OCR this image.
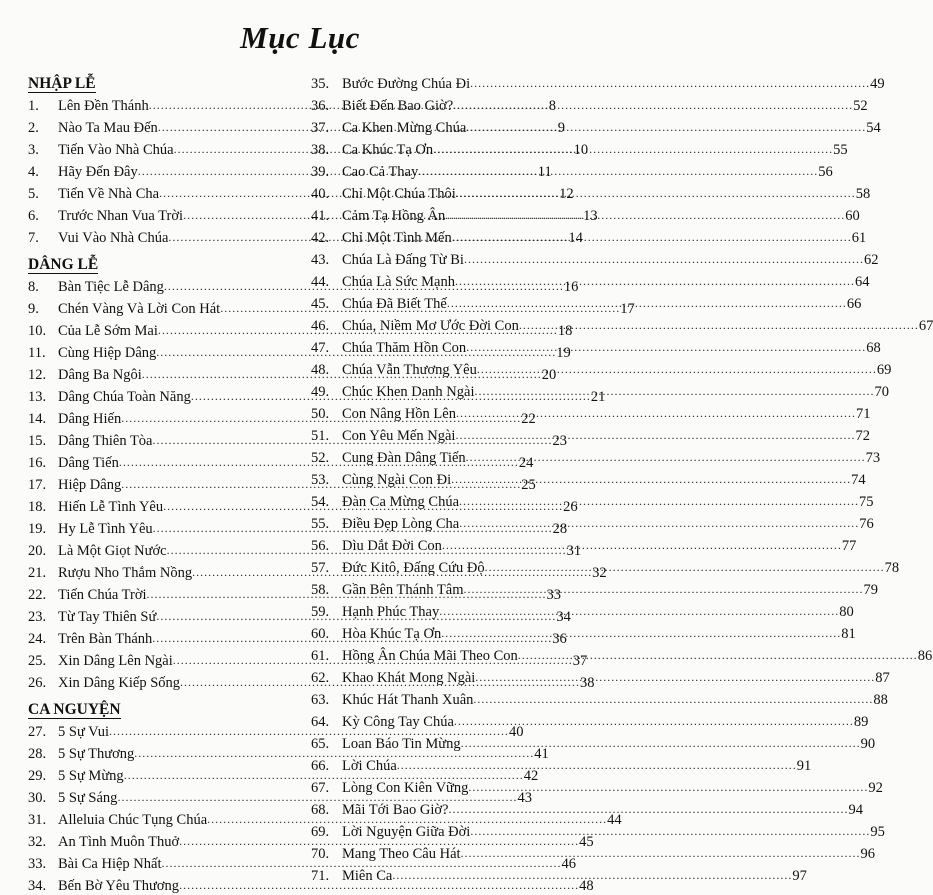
Mục Lục
NHẬP LỄ
1.	Lên Đền Thánh .....	8
2.	Nào Ta Mau Đến .....	9
3.	Tiến Vào Nhà Chúa .....	10
4.	Hãy Đến Đây .....	11
5.	Tiến Về Nhà Cha .....	12
6.	Trước Nhan Vua Trời .....	13
7.	Vui Vào Nhà Chúa .....	14
DÂNG LỄ
8.	Bàn Tiệc Lễ Dâng .....	16
9.	Chén Vàng Và Lời Con Hát .....	17
10. Của Lễ Sớm Mai .....	18
11. Cùng Hiệp Dâng .....	19
12. Dâng Ba Ngôi .....	20
13. Dâng Chúa Toàn Năng .....	21
14. Dâng Hiến .....	22
15. Dâng Thiên Tòa .....	23
16. Dâng Tiến .....	24
17. Hiệp Dâng .....	25
18. Hiến Lễ Tình Yêu .....	26
19. Hy Lễ Tình Yêu .....	28
20. Là Một Giọt Nước .....	31
21. Rượu Nho Thắm Nồng .....	32
22. Tiến Chúa Trời .....	33
23. Từ Tay Thiên Sứ .....	34
24. Trên Bàn Thánh .....	36
25. Xin Dâng Lên Ngài .....	37
26. Xin Dâng Kiếp Sống .....	38
CA NGUYỆN
27. 5 Sự Vui .....	40
28. 5 Sự Thương .....	41
29. 5 Sự Mừng .....	42
30. 5 Sự Sáng .....	43
31. Alleluia Chúc Tụng Chúa .....	44
32. An Tình Muôn Thuở .....	45
33. Bài Ca Hiệp Nhất .....	46
34. Bến Bờ Yêu Thương .....	48
35. Bước Đường Chúa Đi .....	49
36. Biết Đến Bao Giờ? .....	52
37. Ca Khen Mừng Chúa .....	54
38. Ca Khúc Tạ Ơn .....	55
39. Cao Cả Thay .....	56
40. Chỉ Một Chúa Thôi .....	58
41. Cảm Tạ Hồng Ân .....	60
42. Chỉ Một Tình Mến .....	61
43. Chúa Là Đấng Từ Bi .....	62
44. Chúa Là Sức Mạnh .....	64
45. Chúa Đã Biết Thế .....	66
46. Chúa, Niềm Mơ Ước Đời Con .....	67
47. Chúa Thăm Hồn Con .....	68
48. Chúa Vẫn Thương Yêu .....	69
49. Chúc Khen Danh Ngài .....	70
50. Con Nâng Hồn Lên .....	71
51. Con Yêu Mến Ngài .....	72
52. Cung Đàn Dâng Tiến .....	73
53. Cùng Ngài Con Đi .....	74
54. Đàn Ca Mừng Chúa .....	75
55. Điều Đẹp Lòng Cha .....	76
56. Dìu Dắt Đời Con .....	77
57. Đức Kitô, Đấng Cứu Độ .....	78
58. Gần Bên Thánh Tâm .....	79
59. Hạnh Phúc Thay .....	80
60. Hòa Khúc Tạ Ơn .....	81
61. Hồng Ân Chúa Mãi Theo Con .....	86
62. Khao Khát Mong Ngài .....	87
63. Khúc Hát Thanh Xuân .....	88
64. Kỳ Công Tay Chúa .....	89
65. Loan Báo Tin Mừng .....	90
66. Lời Chúa .....	91
67. Lòng Con Kiên Vững .....	92
68. Mãi Tới Bao Giờ? .....	94
69. Lời Nguyện Giữa Đời .....	95
70. Mang Theo Câu Hát .....	96
71. Miên Ca .....	97
